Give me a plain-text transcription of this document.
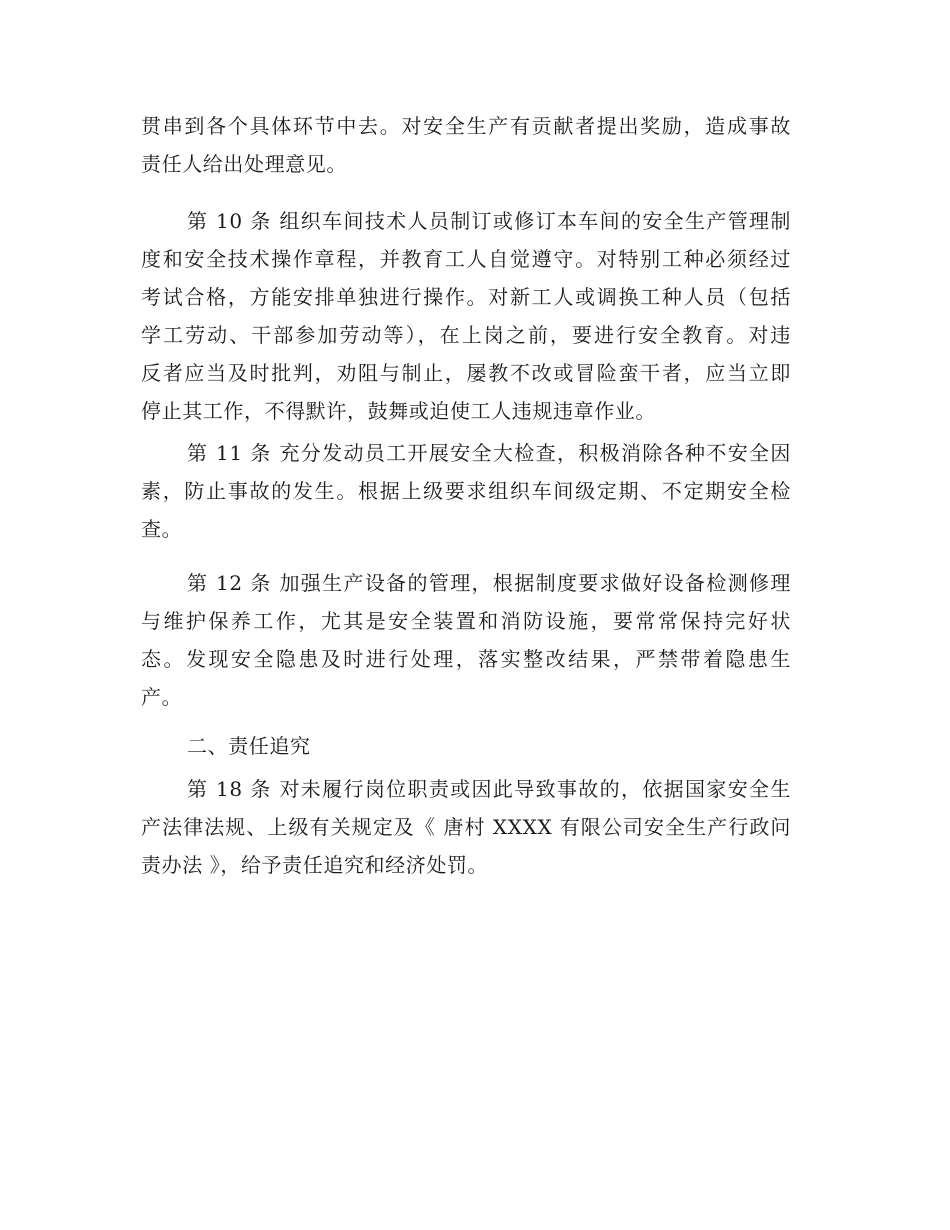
贯串到各个具体环节中去。对安全生产有贡献者提出奖励，造成事故
责任人给出处理意见。
第 10 条 组织车间技术人员制订或修订本车间的安全生产管理制
度和安全技术操作章程，并教育工人自觉遵守。对特别工种必须经过
考试合格，方能安排单独进行操作。对新工人或调换工种人员（包括
学工劳动、干部参加劳动等），在上岗之前，要进行安全教育。对违
反者应当及时批判，劝阻与制止，屡教不改或冒险蛮干者，应当立即
停止其工作，不得默许，鼓舞或迫使工人违规违章作业。
第 11 条 充分发动员工开展安全大检查，积极消除各种不安全因
素，防止事故的发生。根据上级要求组织车间级定期、不定期安全检
查。
第 12 条 加强生产设备的管理，根据制度要求做好设备检测修理
与维护保养工作，尤其是安全装置和消防设施，要常常保持完好状
态。发现安全隐患及时进行处理，落实整改结果，严禁带着隐患生
产。
二、责任追究
第 18 条 对未履行岗位职责或因此导致事故的，依据国家安全生
产法律法规、上级有关规定及《 唐村 XXXX 有限公司安全生产行政问
责办法 》，给予责任追究和经济处罚。
